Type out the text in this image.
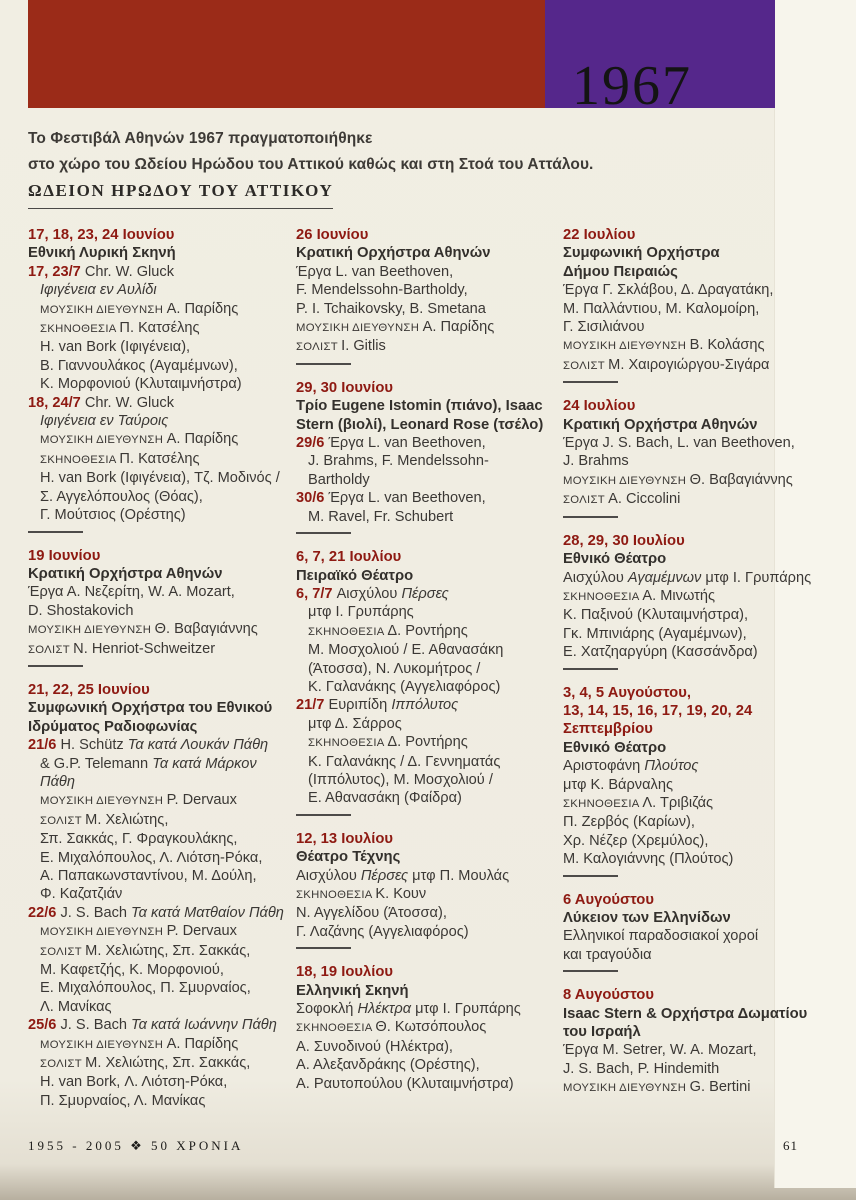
1967
Το Φεστιβάλ Αθηνών 1967 πραγματοποιήθηκε
στο χώρο του Ωδείου Ηρώδου του Αττικού καθώς και στη Στοά του Αττάλου.
ΩΔΕΙΟΝ ΗΡΩΔΟΥ ΤΟΥ ΑΤΤΙΚΟΥ
17, 18, 23, 24 Ιουνίου
Εθνική Λυρική Σκηνή
17, 23/7 Chr. W. Gluck
Ιφιγένεια εν Αυλίδι
ΜΟΥΣΙΚΗ ΔΙΕΥΘΥΝΣΗ Α. Παρίδης
ΣΚΗΝΟΘΕΣΙΑ Π. Κατσέλης
H. van Bork (Ιφιγένεια),
Β. Γιαννουλάκος (Αγαμέμνων),
Κ. Μορφονιού (Κλυταιμνήστρα)
18, 24/7 Chr. W. Gluck
Ιφιγένεια εν Ταύροις
ΜΟΥΣΙΚΗ ΔΙΕΥΘΥΝΣΗ Α. Παρίδης
ΣΚΗΝΟΘΕΣΙΑ Π. Κατσέλης
H. van Bork (Ιφιγένεια), Τζ. Μοδινός /
Σ. Αγγελόπουλος (Θόας),
Γ. Μούτσιος (Ορέστης)
19 Ιουνίου
Κρατική Ορχήστρα Αθηνών
Έργα Α. Νεζερίτη, W. A. Mozart,
D. Shostakovich
ΜΟΥΣΙΚΗ ΔΙΕΥΘΥΝΣΗ Θ. Βαβαγιάννης
ΣΟΛΙΣΤ N. Henriot-Schweitzer
21, 22, 25 Ιουνίου
Συμφωνική Ορχήστρα του Εθνικού
Ιδρύματος Ραδιοφωνίας
21/6 H. Schütz Τα κατά Λουκάν Πάθη
& G.P. Telemann Τα κατά Μάρκον
Πάθη
ΜΟΥΣΙΚΗ ΔΙΕΥΘΥΝΣΗ P. Dervaux
ΣΟΛΙΣΤ Μ. Χελιώτης,
Σπ. Σακκάς, Γ. Φραγκουλάκης,
Ε. Μιχαλόπουλος, Λ. Λιότση-Ρόκα,
Α. Παπακωνσταντίνου, Μ. Δούλη,
Φ. Καζατζιάν
22/6 J. S. Bach Τα κατά Ματθαίον Πάθη
ΜΟΥΣΙΚΗ ΔΙΕΥΘΥΝΣΗ P. Dervaux
ΣΟΛΙΣΤ Μ. Χελιώτης, Σπ. Σακκάς,
Μ. Καφετζής, Κ. Μορφονιού,
Ε. Μιχαλόπουλος, Π. Σμυρναίος,
Λ. Μανίκας
25/6 J. S. Bach Τα κατά Ιωάννην Πάθη
ΜΟΥΣΙΚΗ ΔΙΕΥΘΥΝΣΗ Α. Παρίδης
ΣΟΛΙΣΤ Μ. Χελιώτης, Σπ. Σακκάς,
H. van Bork, Λ. Λιότση-Ρόκα,
Π. Σμυρναίος, Λ. Μανίκας
26 Ιουνίου
Κρατική Ορχήστρα Αθηνών
Έργα L. van Beethoven,
F. Mendelssohn-Bartholdy,
P. I. Tchaikovsky, B. Smetana
ΜΟΥΣΙΚΗ ΔΙΕΥΘΥΝΣΗ Α. Παρίδης
ΣΟΛΙΣΤ I. Gitlis
29, 30 Ιουνίου
Τρίο Eugene Istomin (πιάνο), Isaac
Stern (βιολί), Leonard Rose (τσέλο)
29/6 Έργα L. van Beethoven,
J. Brahms, F. Mendelssohn-
Bartholdy
30/6 Έργα L. van Beethoven,
M. Ravel, Fr. Schubert
6, 7, 21 Ιουλίου
Πειραϊκό Θέατρο
6, 7/7 Αισχύλου Πέρσες
μτφ Ι. Γρυπάρης
ΣΚΗΝΟΘΕΣΙΑ Δ. Ροντήρης
Μ. Μοσχολιού / Ε. Αθανασάκη
(Άτοσσα), Ν. Λυκομήτρος /
Κ. Γαλανάκης (Αγγελιαφόρος)
21/7 Ευριπίδη Ιππόλυτος
μτφ Δ. Σάρρος
ΣΚΗΝΟΘΕΣΙΑ Δ. Ροντήρης
Κ. Γαλανάκης / Δ. Γεννηματάς
(Ιππόλυτος), Μ. Μοσχολιού /
Ε. Αθανασάκη (Φαίδρα)
12, 13 Ιουλίου
Θέατρο Τέχνης
Αισχύλου Πέρσες μτφ Π. Μουλάς
ΣΚΗΝΟΘΕΣΙΑ Κ. Κουν
Ν. Αγγελίδου (Άτοσσα),
Γ. Λαζάνης (Αγγελιαφόρος)
18, 19 Ιουλίου
Ελληνική Σκηνή
Σοφοκλή Ηλέκτρα μτφ Ι. Γρυπάρης
ΣΚΗΝΟΘΕΣΙΑ Θ. Κωτσόπουλος
Α. Συνοδινού (Ηλέκτρα),
Α. Αλεξανδράκης (Ορέστης),
Α. Ραυτοπούλου (Κλυταιμνήστρα)
22 Ιουλίου
Συμφωνική Ορχήστρα
Δήμου Πειραιώς
Έργα Γ. Σκλάβου, Δ. Δραγατάκη,
Μ. Παλλάντιου, Μ. Καλομοίρη,
Γ. Σισιλιάνου
ΜΟΥΣΙΚΗ ΔΙΕΥΘΥΝΣΗ Β. Κολάσης
ΣΟΛΙΣΤ Μ. Χαιρογιώργου-Σιγάρα
24 Ιουλίου
Κρατική Ορχήστρα Αθηνών
Έργα J. S. Bach, L. van Beethoven,
J. Brahms
ΜΟΥΣΙΚΗ ΔΙΕΥΘΥΝΣΗ Θ. Βαβαγιάννης
ΣΟΛΙΣΤ A. Ciccolini
28, 29, 30 Ιουλίου
Εθνικό Θέατρο
Αισχύλου Αγαμέμνων μτφ Ι. Γρυπάρης
ΣΚΗΝΟΘΕΣΙΑ Α. Μινωτής
Κ. Παξινού (Κλυταιμνήστρα),
Γκ. Μπινιάρης (Αγαμέμνων),
Ε. Χατζηαργύρη (Κασσάνδρα)
3, 4, 5 Αυγούστου,
13, 14, 15, 16, 17, 19, 20, 24
Σεπτεμβρίου
Εθνικό Θέατρο
Αριστοφάνη Πλούτος
μτφ Κ. Βάρναλης
ΣΚΗΝΟΘΕΣΙΑ Λ. Τριβιζάς
Π. Ζερβός (Καρίων),
Χρ. Νέζερ (Χρεμύλος),
Μ. Καλογιάννης (Πλούτος)
6 Αυγούστου
Λύκειον των Ελληνίδων
Ελληνικοί παραδοσιακοί χοροί
και τραγούδια
8 Αυγούστου
Isaac Stern & Ορχήστρα Δωματίου
του Ισραήλ
Έργα M. Setrer, W. A. Mozart,
J. S. Bach, P. Hindemith
ΜΟΥΣΙΚΗ ΔΙΕΥΘΥΝΣΗ G. Bertini
1955 - 2005 ❖ 50 ΧΡΟΝΙΑ	61
